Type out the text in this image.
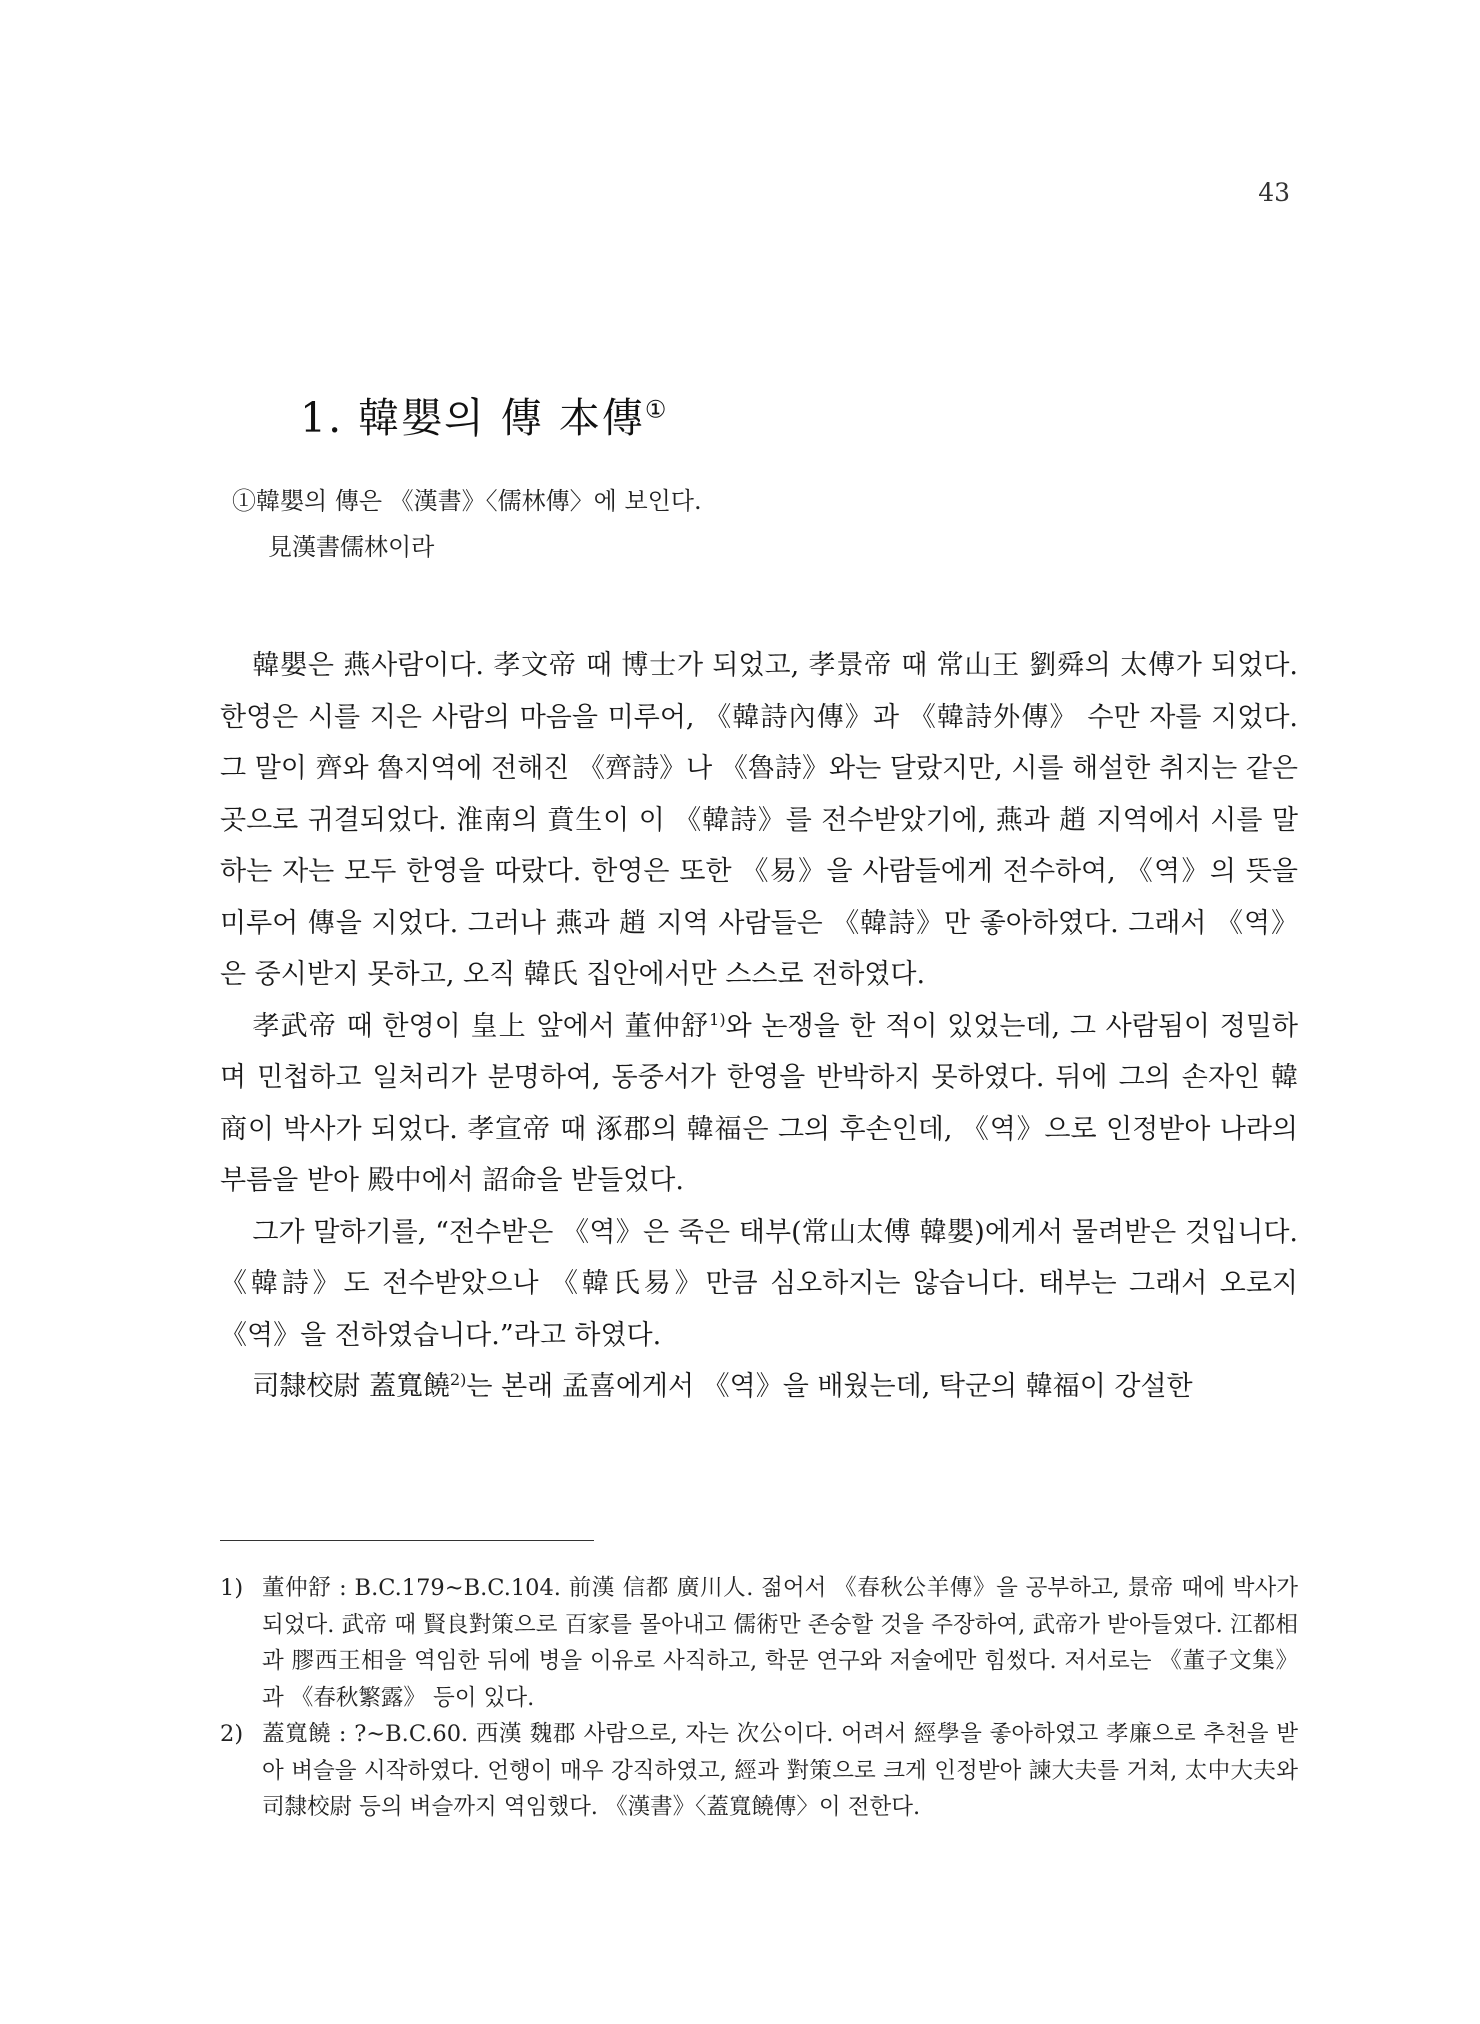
43
1. 韓嬰의 傳 本傳①
①韓嬰의 傳은 《漢書》〈儒林傳〉에 보인다.
見漢書儒林이라

韓嬰은 燕사람이다. 孝文帝 때 博士가 되었고, 孝景帝 때 常山王 劉舜의 太傅가 되었다. 한영은 시를 지은 사람의 마음을 미루어, 《韓詩內傳》과 《韓詩外傳》 수만 자를 지었다. 그 말이 齊와 魯지역에 전해진 《齊詩》나 《魯詩》와는 달랐지만, 시를 해설한 취지는 같은 곳으로 귀결되었다. 淮南의 賁生이 이 《韓詩》를 전수받았기에, 燕과 趙 지역에서 시를 말하는 자는 모두 한영을 따랐다. 한영은 또한 《易》을 사람들에게 전수하여, 《역》의 뜻을 미루어 傳을 지었다. 그러나 燕과 趙 지역 사람들은 《韓詩》만 좋아하였다. 그래서 《역》은 중시받지 못하고, 오직 韓氏 집안에서만 스스로 전하였다.

孝武帝 때 한영이 皇上 앞에서 董仲舒$^{1)}$와 논쟁을 한 적이 있었는데, 그 사람됨이 정밀하며 민첩하고 일처리가 분명하여, 동중서가 한영을 반박하지 못하였다. 뒤에 그의 손자인 韓商이 박사가 되었다. 孝宣帝 때 涿郡의 韓福은 그의 후손인데, 《역》으로 인정받아 나라의 부름을 받아 殿中에서 詔命을 받들었다.

그가 말하기를, “전수받은 《역》은 죽은 태부(常山太傅 韓嬰)에게서 물려받은 것입니다. 《韓詩》도 전수받았으나 《韓氏易》만큼 심오하지는 않습니다. 태부는 그래서 오로지 《역》을 전하였습니다.”라고 하였다.

司隸校尉 蓋寬饒$^{2)}$는 본래 孟喜에게서 《역》을 배웠는데, 탁군의 韓福이 강설한

1) 董仲舒 : B.C.179~B.C.104. 前漢 信都 廣川人. 젊어서 《春秋公羊傳》을 공부하고, 景帝 때에 박사가 되었다. 武帝 때 賢良對策으로 百家를 몰아내고 儒術만 존숭할 것을 주장하여, 武帝가 받아들였다. 江都相과 膠西王相을 역임한 뒤에 병을 이유로 사직하고, 학문 연구와 저술에만 힘썼다. 저서로는 《董子文集》과 《春秋繁露》 등이 있다.
2) 蓋寬饒 : ?~B.C.60. 西漢 魏郡 사람으로, 자는 次公이다. 어려서 經學을 좋아하였고 孝廉으로 추천을 받아 벼슬을 시작하였다. 언행이 매우 강직하였고, 經과 對策으로 크게 인정받아 諫大夫를 거쳐, 太中大夫와 司隸校尉 등의 벼슬까지 역임했다. 《漢書》〈蓋寬饒傳〉이 전한다.
